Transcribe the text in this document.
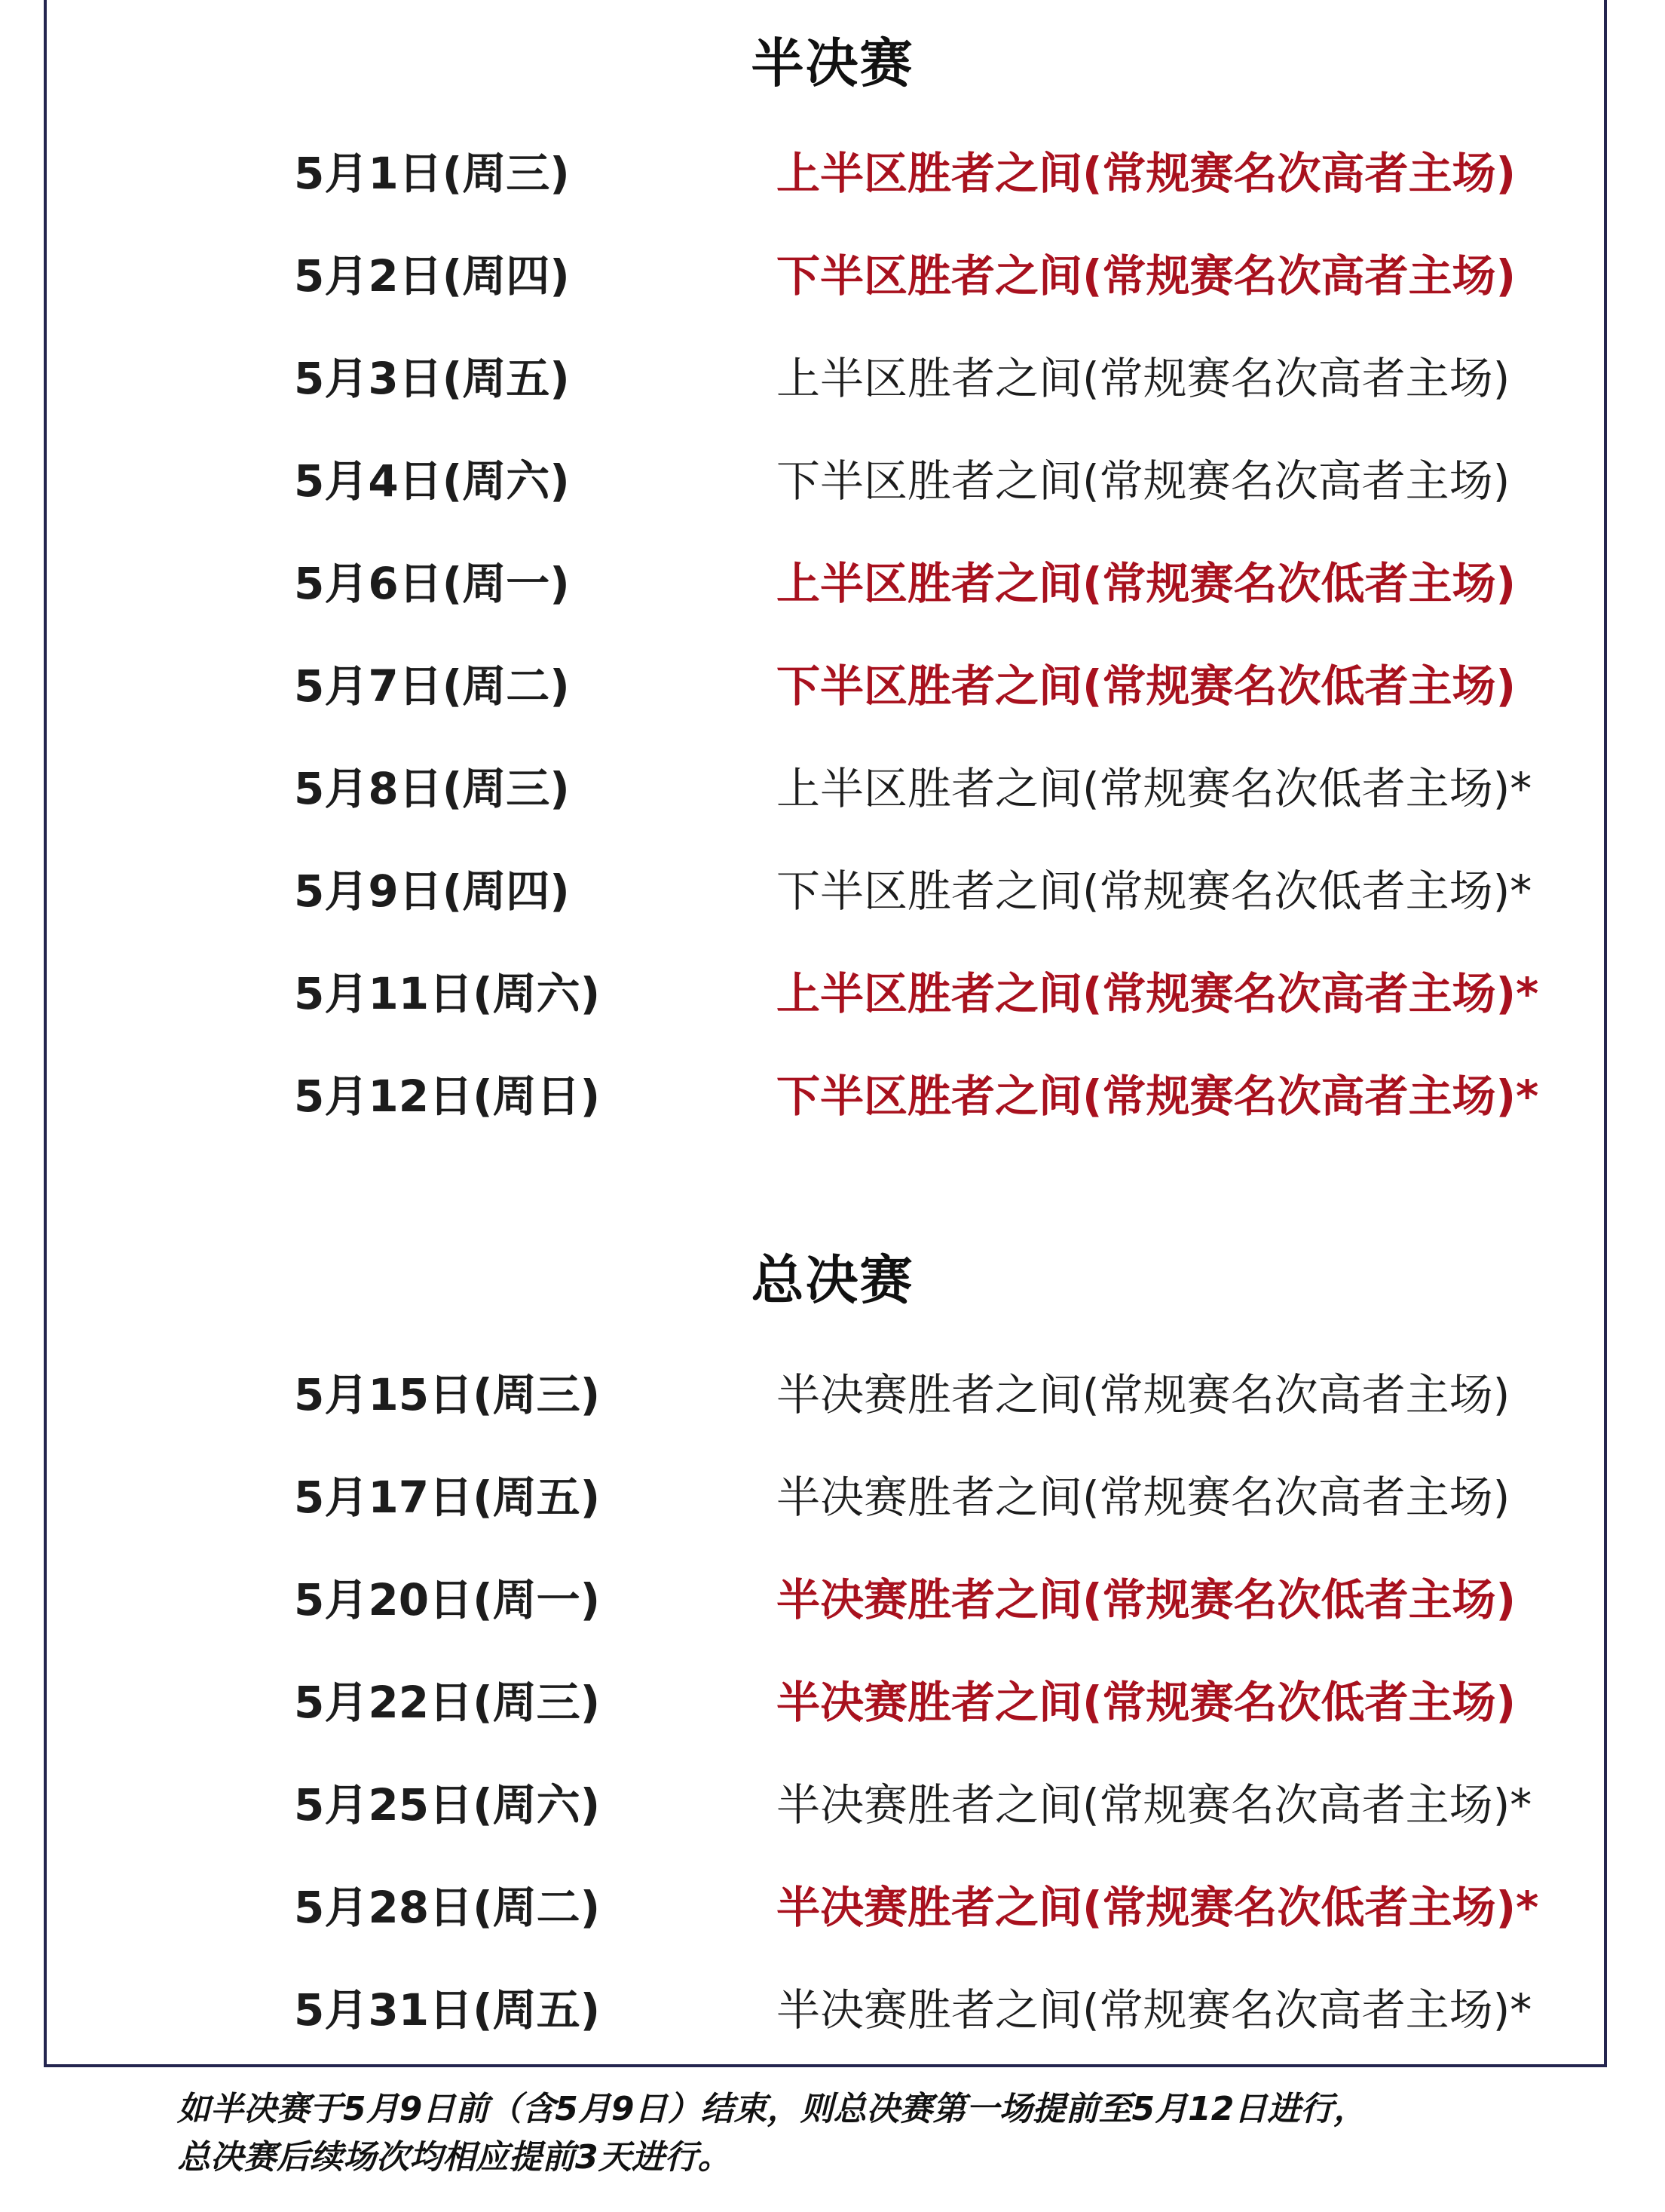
半决赛
5月1日(周三)	上半区胜者之间(常规赛名次高者主场)
5月2日(周四)	下半区胜者之间(常规赛名次高者主场)
5月3日(周五)	上半区胜者之间(常规赛名次高者主场)
5月4日(周六)	下半区胜者之间(常规赛名次高者主场)
5月6日(周一)	上半区胜者之间(常规赛名次低者主场)
5月7日(周二)	下半区胜者之间(常规赛名次低者主场)
5月8日(周三)	上半区胜者之间(常规赛名次低者主场)*
5月9日(周四)	下半区胜者之间(常规赛名次低者主场)*
5月11日(周六)	上半区胜者之间(常规赛名次高者主场)*
5月12日(周日)	下半区胜者之间(常规赛名次高者主场)*
总决赛
5月15日(周三)	半决赛胜者之间(常规赛名次高者主场)
5月17日(周五)	半决赛胜者之间(常规赛名次高者主场)
5月20日(周一)	半决赛胜者之间(常规赛名次低者主场)
5月22日(周三)	半决赛胜者之间(常规赛名次低者主场)
5月25日(周六)	半决赛胜者之间(常规赛名次高者主场)*
5月28日(周二)	半决赛胜者之间(常规赛名次低者主场)*
5月31日(周五)	半决赛胜者之间(常规赛名次高者主场)*
如半决赛于5月9日前（含5月9日）结束，则总决赛第一场提前至5月12日进行，
总决赛后续场次均相应提前3天进行。
